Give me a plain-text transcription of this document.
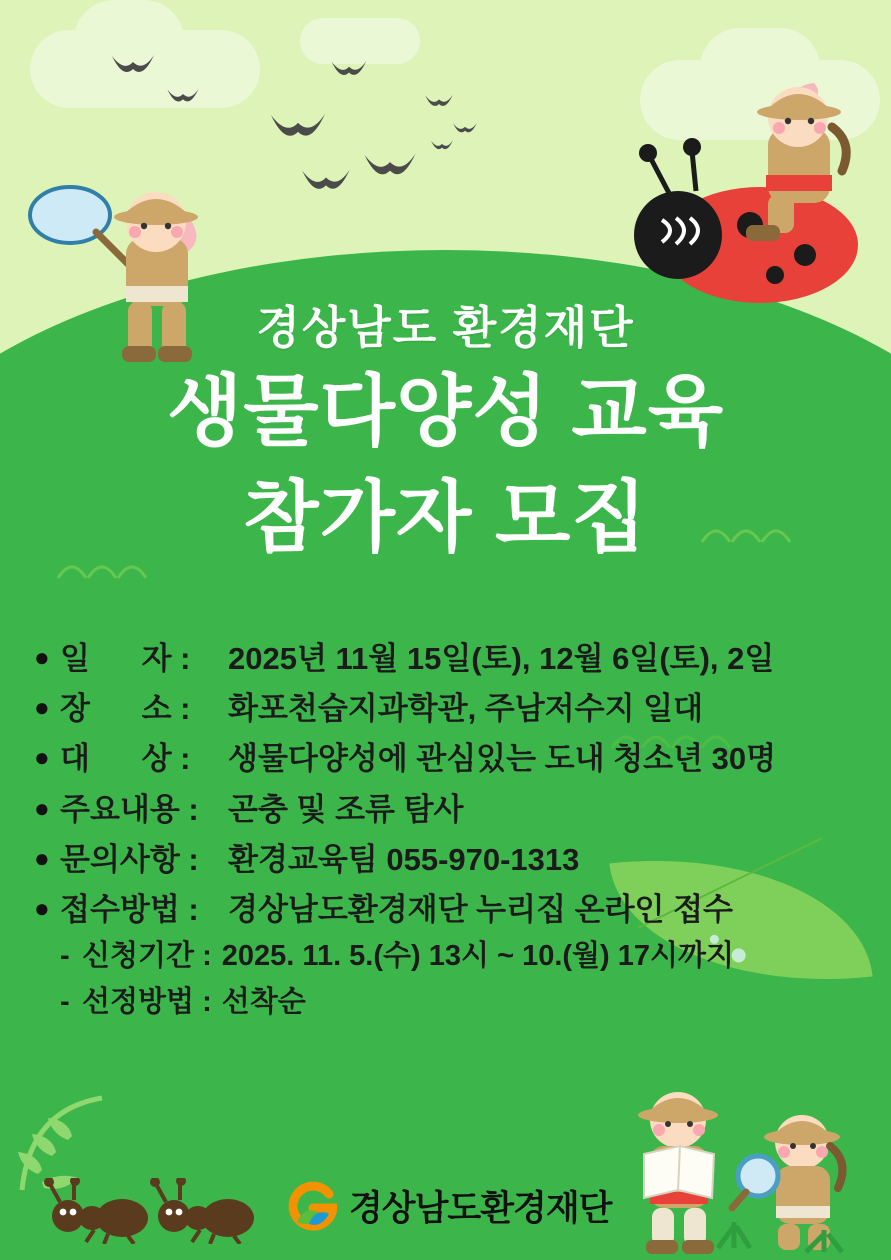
경상남도 환경재단
생물다양성 교육
참가자 모집
● 일      자 :	2025년 11월 15일(토), 12월 6일(토), 2일
● 장      소 :	화포천습지과학관, 주남저수지 일대
● 대      상 :	생물다양성에 관심있는 도내 청소년 30명
● 주요내용 : 곤충 및 조류 탐사
● 문의사항 : 환경교육팀 055-970-1313
● 접수방법 : 경상남도환경재단 누리집 온라인 접수
- 신청기간 : 2025. 11. 5.(수) 13시 ~ 10.(월) 17시까지
- 선정방법 : 선착순
경상남도환경재단
